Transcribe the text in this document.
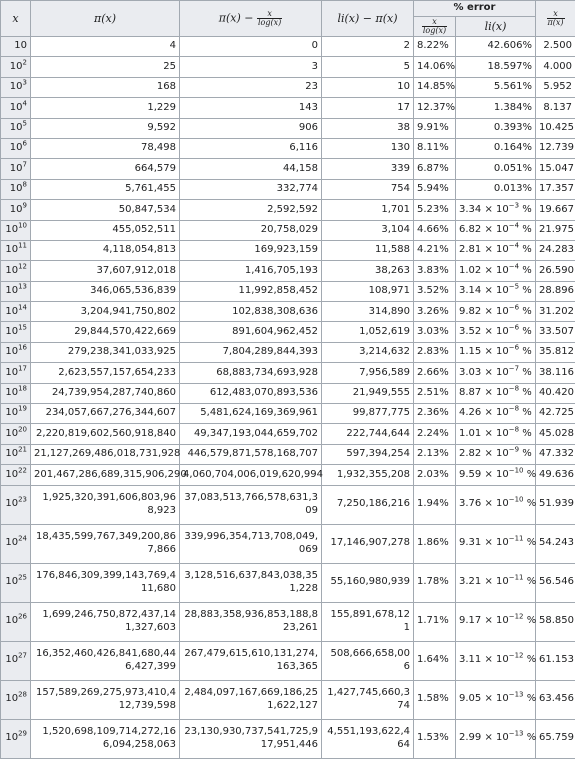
x	π(x)	$\pi(x) - \frac{x}{\log(x)}$	li(x) − π(x)	% error		$\frac{x}{\pi(x)}$

				$\frac{x}{\log(x)}$	li(x)	
10	4	0	2	8.22%	42.606%	2.500
$10^2$	25	3	5	14.06%	18.597%	4.000
$10^3$	168	23	10	14.85%	5.561%	5.952
$10^4$	1,229	143	17	12.37%	1.384%	8.137
$10^5$	9,592	906	38	9.91%	0.393%	10.425
$10^6$	78,498	6,116	130	8.11%	0.164%	12.739
$10^7$	664,579	44,158	339	6.87%	0.051%	15.047
$10^8$	5,761,455	332,774	754	5.94%	0.013%	17.357
$10^9$	50,847,534	2,592,592	1,701	5.23%	$3.34 \times 10^{-3}$ %	19.667
$10^{10}$	455,052,511	20,758,029	3,104	4.66%	$6.82 \times 10^{-4}$ %	21.975
$10^{11}$	4,118,054,813	169,923,159	11,588	4.21%	$2.81 \times 10^{-4}$ %	24.283
$10^{12}$	37,607,912,018	1,416,705,193	38,263	3.83%	$1.02 \times 10^{-4}$ %	26.590
$10^{13}$	346,065,536,839	11,992,858,452	108,971	3.52%	$3.14 \times 10^{-5}$ %	28.896
$10^{14}$	3,204,941,750,802	102,838,308,636	314,890	3.26%	$9.82 \times 10^{-6}$ %	31.202
$10^{15}$	29,844,570,422,669	891,604,962,452	1,052,619	3.03%	$3.52 \times 10^{-6}$ %	33.507
$10^{16}$	279,238,341,033,925	7,804,289,844,393	3,214,632	2.83%	$1.15 \times 10^{-6}$ %	35.812
$10^{17}$	2,623,557,157,654,233	68,883,734,693,928	7,956,589	2.66%	$3.03 \times 10^{-7}$ %	38.116
$10^{18}$	24,739,954,287,740,860	612,483,070,893,536	21,949,555	2.51%	$8.87 \times 10^{-8}$ %	40.420
$10^{19}$	234,057,667,276,344,607	5,481,624,169,369,961	99,877,775	2.36%	$4.26 \times 10^{-8}$ %	42.725
$10^{20}$	2,220,819,602,560,918,840	49,347,193,044,659,702	222,744,644	2.24%	$1.01 \times 10^{-8}$ %	45.028
$10^{21}$	21,127,269,486,018,731,928	446,579,871,578,168,707	597,394,254	2.13%	$2.82 \times 10^{-9}$ %	47.332
$10^{22}$	201,467,286,689,315,906,290	4,060,704,006,019,620,994	1,932,355,208	2.03%	$9.59 \times 10^{-10}$ %	49.636
$10^{23}$	1,925,320,391,606,803,968,923	37,083,513,766,578,631,309	7,250,186,216	1.94%	$3.76 \times 10^{-10}$ %	51.939
$10^{24}$	18,435,599,767,349,200,867,866	339,996,354,713,708,049,069	17,146,907,278	1.86%	$9.31 \times 10^{-11}$ %	54.243
$10^{25}$	176,846,309,399,143,769,411,680	3,128,516,637,843,038,351,228	55,160,980,939	1.78%	$3.21 \times 10^{-11}$ %	56.546
$10^{26}$	1,699,246,750,872,437,141,327,603	28,883,358,936,853,188,823,261	155,891,678,121	1.71%	$9.17 \times 10^{-12}$ %	58.850
$10^{27}$	16,352,460,426,841,680,446,427,399	267,479,615,610,131,274,163,365	508,666,658,006	1.64%	$3.11 \times 10^{-12}$ %	61.153
$10^{28}$	157,589,269,275,973,410,412,739,598	2,484,097,167,669,186,251,622,127	1,427,745,660,374	1.58%	$9.05 \times 10^{-13}$ %	63.456
$10^{29}$	1,520,698,109,714,272,166,094,258,063	23,130,930,737,541,725,917,951,446	4,551,193,622,464	1.53%	$2.99 \times 10^{-13}$ %	65.759
